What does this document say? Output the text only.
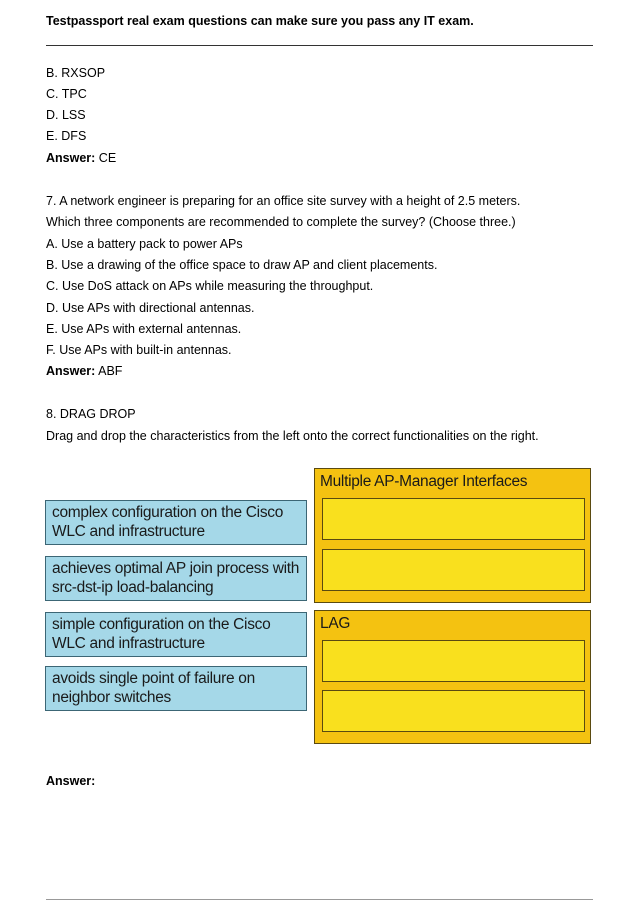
Testpassport real exam questions can make sure you pass any IT exam.
B. RXSOP
C. TPC
D. LSS
E. DFS
Answer: CE
7. A network engineer is preparing for an office site survey with a height of 2.5 meters.
Which three components are recommended to complete the survey? (Choose three.)
A. Use a battery pack to power APs
B. Use a drawing of the office space to draw AP and client placements.
C. Use DoS attack on APs while measuring the throughput.
D. Use APs with directional antennas.
E. Use APs with external antennas.
F. Use APs with built-in antennas.
Answer: ABF
8. DRAG DROP
Drag and drop the characteristics from the left onto the correct functionalities on the right.
complex configuration on the Cisco WLC and infrastructure
achieves optimal AP join process with src-dst-ip load-balancing
simple configuration on the Cisco WLC and infrastructure
avoids single point of failure on neighbor switches
Multiple AP-Manager Interfaces
LAG
Answer:
